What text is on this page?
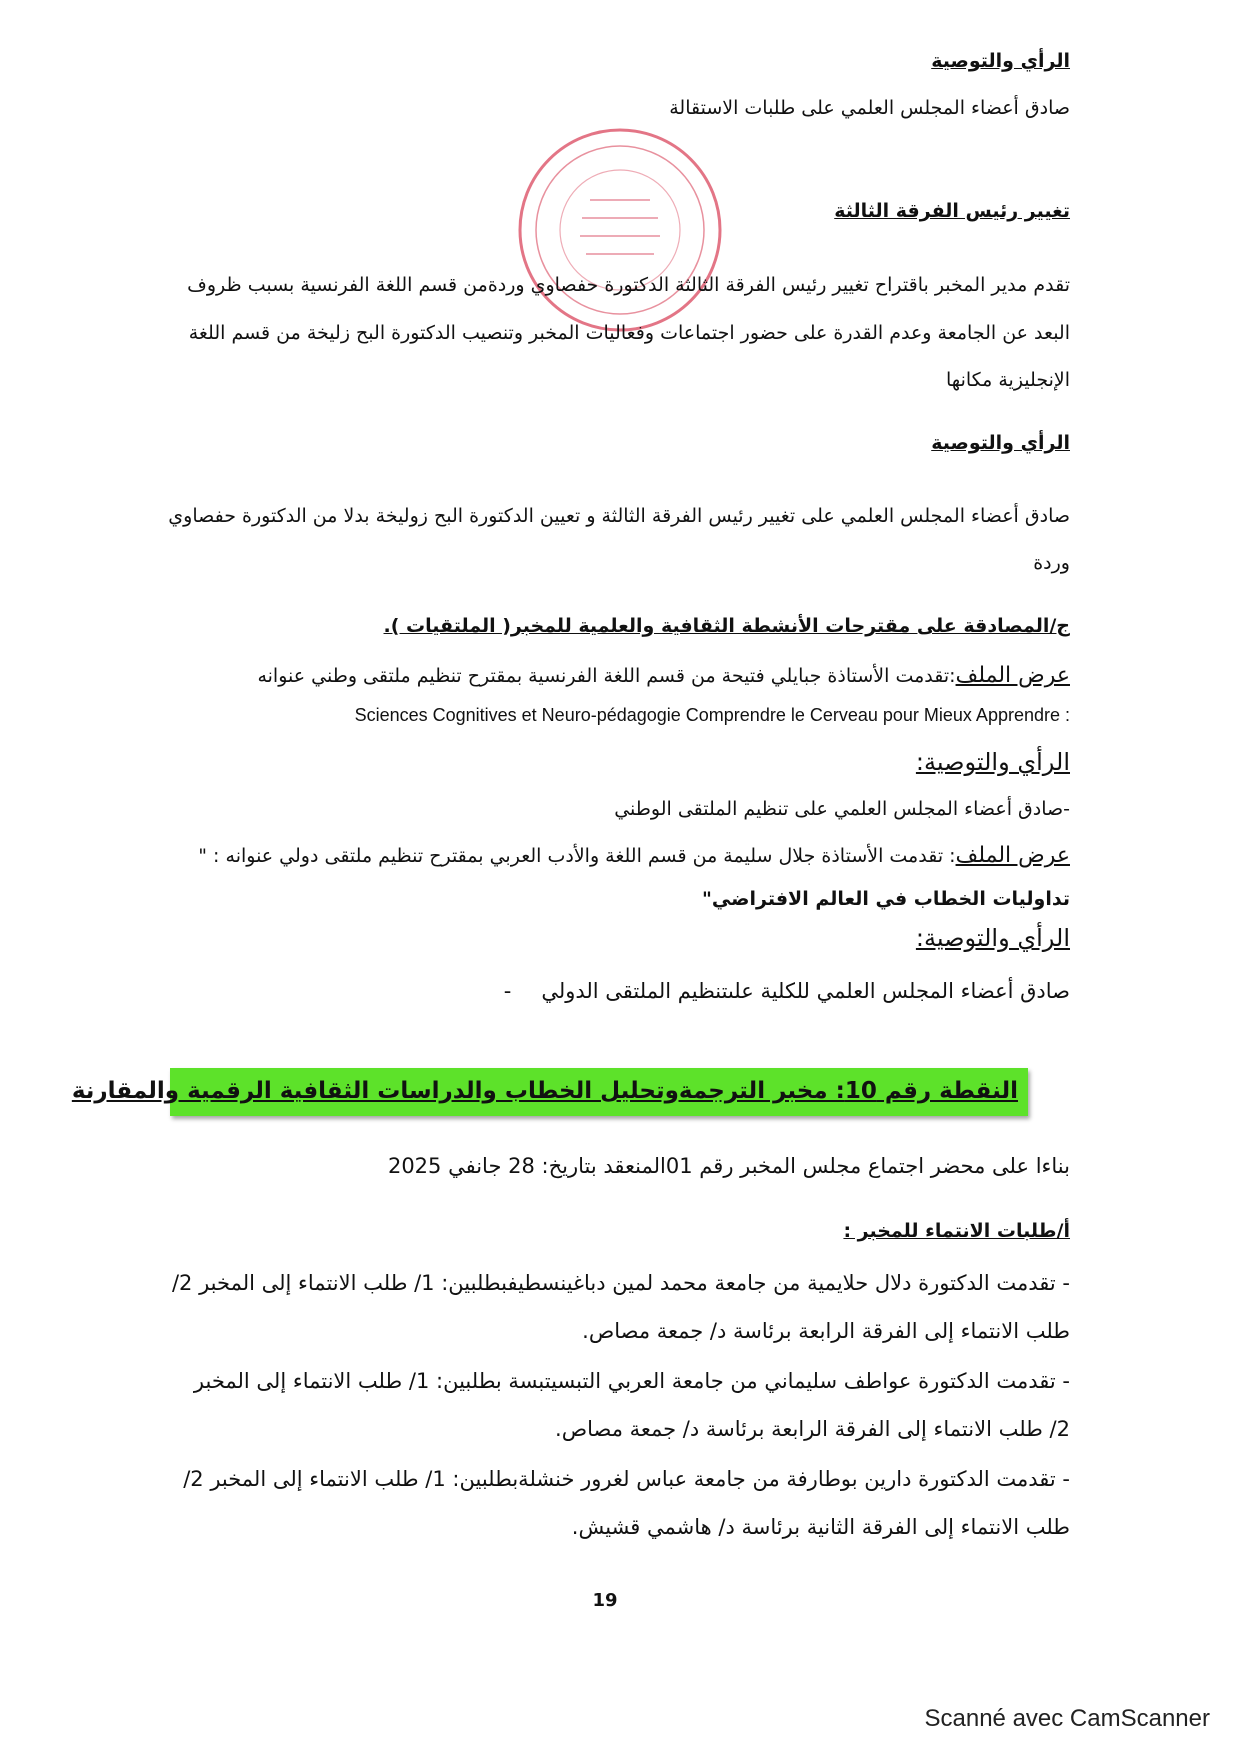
الرأي والتوصية
صادق أعضاء المجلس العلمي على طلبات الاستقالة
تغيير رئيس الفرقة الثالثة
تقدم مدير المخبر باقتراح تغيير رئيس الفرقة الثالثة الدكتورة حفصاوي وردةمن قسم اللغة الفرنسية بسبب ظروف
البعد عن الجامعة وعدم القدرة على حضور اجتماعات وفعاليات المخبر وتنصيب الدكتورة البح زليخة من قسم اللغة
الإنجليزية مكانها
الرأي والتوصية
صادق أعضاء المجلس العلمي على تغيير رئيس الفرقة الثالثة و تعيين الدكتورة البح زوليخة بدلا من الدكتورة حفصاوي
وردة
ج/المصادقة على مقترحات الأنشطة الثقافية والعلمية للمخبر( الملتقيات ).
عرض الملف:تقدمت الأستاذة جبايلي فتيحة من قسم اللغة الفرنسية بمقترح تنظيم ملتقى وطني عنوانه
Sciences Cognitives et Neuro-pédagogie Comprendre le Cerveau pour Mieux Apprendre :
الرأي والتوصية:
-صادق أعضاء المجلس العلمي على تنظيم الملتقى الوطني
عرض الملف: تقدمت الأستاذة جلال سليمة من قسم اللغة والأدب العربي بمقترح تنظيم ملتقى دولي عنوانه : "
تداوليات الخطاب في العالم الافتراضي"
الرأي والتوصية:
صادق أعضاء المجلس العلمي للكلية علىتنظيم الملتقى الدولي-
النقطة رقم 10: مخبر الترجمةوتحليل الخطاب والدراسات الثقافية الرقمية والمقارنة
بناءا على محضر اجتماع مجلس المخبر رقم 01المنعقد بتاريخ: 28 جانفي 2025
أ/طلبات الانتماء للمخبر :
- تقدمت الدكتورة دلال حلايمية من جامعة محمد لمين دباغينسطيفبطلبين: 1/ طلب الانتماء إلى المخبر 2/
طلب الانتماء إلى الفرقة الرابعة برئاسة د/ جمعة مصاص.
- تقدمت الدكتورة عواطف سليماني من جامعة العربي التبسيتبسة بطلبين: 1/ طلب الانتماء إلى المخبر
2/ طلب الانتماء إلى الفرقة الرابعة برئاسة د/ جمعة مصاص.
- تقدمت الدكتورة دارين بوطارفة من جامعة عباس لغرور خنشلةبطلبين: 1/ طلب الانتماء إلى المخبر 2/
طلب الانتماء إلى الفرقة الثانية برئاسة د/ هاشمي قشيش.
19
Scanné avec CamScanner
